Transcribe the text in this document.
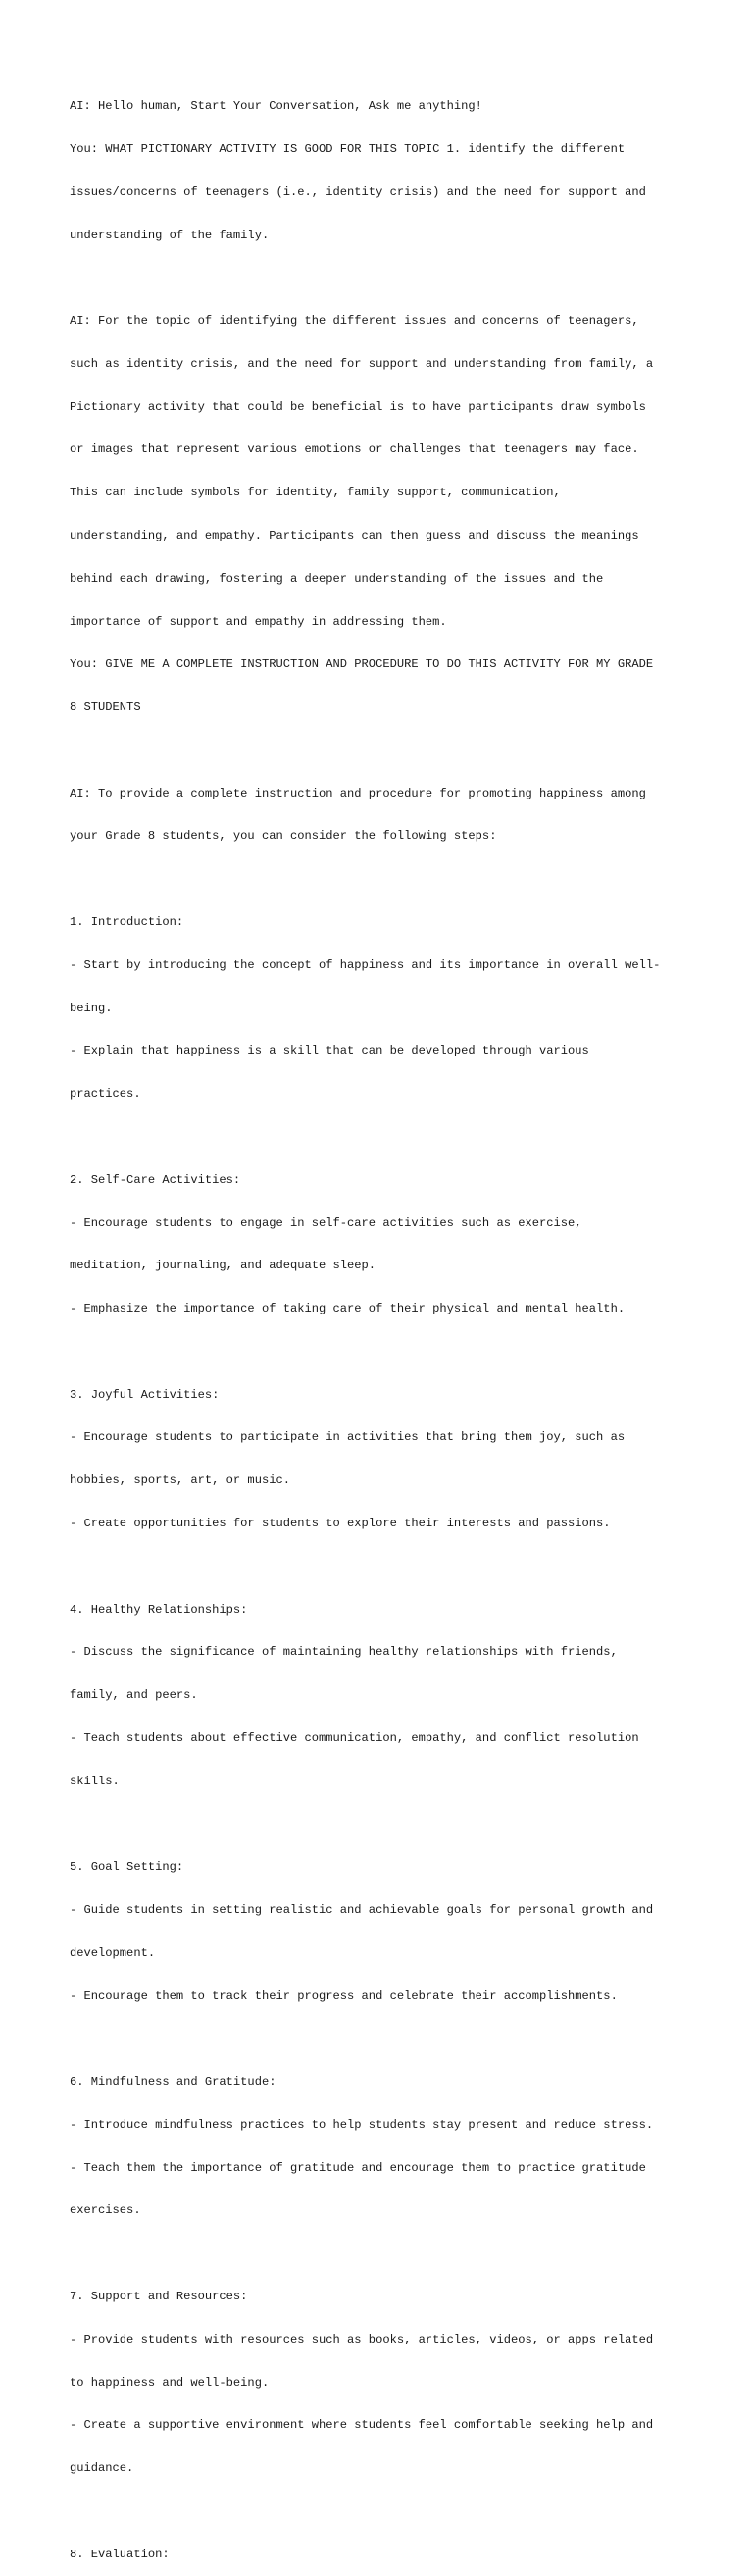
AI: Hello human, Start Your Conversation, Ask me anything!

You: WHAT PICTIONARY ACTIVITY IS GOOD FOR THIS TOPIC 1. identify the different

issues/concerns of teenagers (i.e., identity crisis) and the need for support and

understanding of the family.

AI: For the topic of identifying the different issues and concerns of teenagers,

such as identity crisis, and the need for support and understanding from family, a

Pictionary activity that could be beneficial is to have participants draw symbols

or images that represent various emotions or challenges that teenagers may face.

This can include symbols for identity, family support, communication,

understanding, and empathy. Participants can then guess and discuss the meanings

behind each drawing, fostering a deeper understanding of the issues and the

importance of support and empathy in addressing them.

You: GIVE ME A COMPLETE INSTRUCTION AND PROCEDURE TO DO THIS ACTIVITY FOR MY GRADE

8 STUDENTS

AI: To provide a complete instruction and procedure for promoting happiness among

your Grade 8 students, you can consider the following steps:

1. Introduction:

- Start by introducing the concept of happiness and its importance in overall well-

being.

- Explain that happiness is a skill that can be developed through various

practices.

2. Self-Care Activities:

- Encourage students to engage in self-care activities such as exercise,

meditation, journaling, and adequate sleep.

- Emphasize the importance of taking care of their physical and mental health.

3. Joyful Activities:

- Encourage students to participate in activities that bring them joy, such as

hobbies, sports, art, or music.

- Create opportunities for students to explore their interests and passions.

4. Healthy Relationships:

- Discuss the significance of maintaining healthy relationships with friends,

family, and peers.

- Teach students about effective communication, empathy, and conflict resolution

skills.

5. Goal Setting:

- Guide students in setting realistic and achievable goals for personal growth and

development.

- Encourage them to track their progress and celebrate their accomplishments.

6. Mindfulness and Gratitude:

- Introduce mindfulness practices to help students stay present and reduce stress.

- Teach them the importance of gratitude and encourage them to practice gratitude

exercises.

7. Support and Resources:

- Provide students with resources such as books, articles, videos, or apps related

to happiness and well-being.

- Create a supportive environment where students feel comfortable seeking help and

guidance.

8. Evaluation:
